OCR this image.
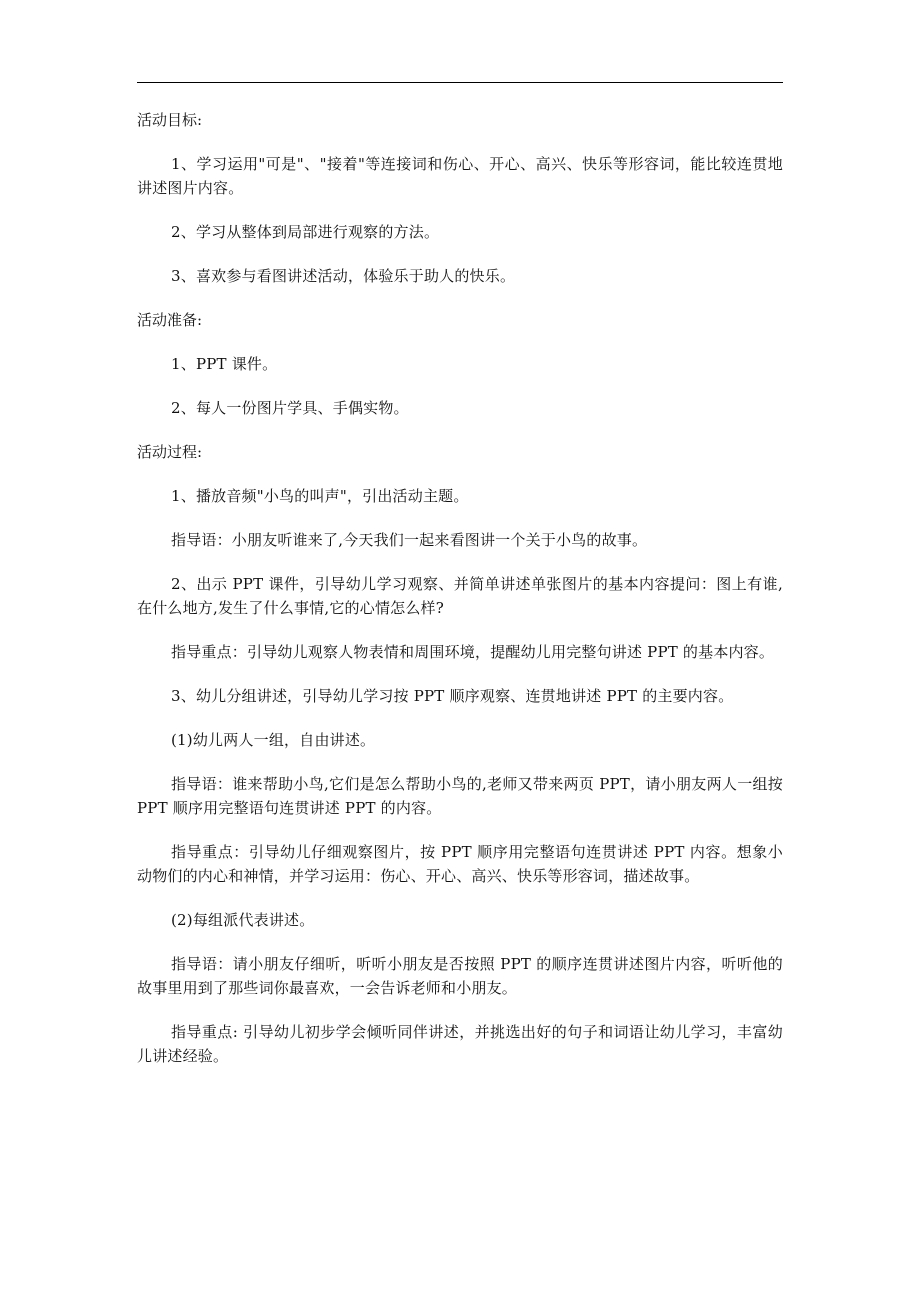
活动目标:
1、学习运用"可是"、"接着"等连接词和伤心、开心、高兴、快乐等形容词，能比较连贯地讲述图片内容。
2、学习从整体到局部进行观察的方法。
3、喜欢参与看图讲述活动，体验乐于助人的快乐。
活动准备:
1、PPT 课件。
2、每人一份图片学具、手偶实物。
活动过程:
1、播放音频"小鸟的叫声"，引出活动主题。
指导语：小朋友听谁来了,今天我们一起来看图讲一个关于小鸟的故事。
2、出示 PPT 课件，引导幼儿学习观察、并简单讲述单张图片的基本内容提问：图上有谁,在什么地方,发生了什么事情,它的心情怎么样?
指导重点：引导幼儿观察人物表情和周围环境，提醒幼儿用完整句讲述 PPT 的基本内容。
3、幼儿分组讲述，引导幼儿学习按 PPT 顺序观察、连贯地讲述 PPT 的主要内容。
(1)幼儿两人一组，自由讲述。
指导语：谁来帮助小鸟,它们是怎么帮助小鸟的,老师又带来两页 PPT，请小朋友两人一组按 PPT 顺序用完整语句连贯讲述 PPT 的内容。
指导重点：引导幼儿仔细观察图片，按 PPT 顺序用完整语句连贯讲述 PPT 内容。想象小动物们的内心和神情，并学习运用：伤心、开心、高兴、快乐等形容词，描述故事。
(2)每组派代表讲述。
指导语：请小朋友仔细听，听听小朋友是否按照 PPT 的顺序连贯讲述图片内容，听听他的故事里用到了那些词你最喜欢，一会告诉老师和小朋友。
指导重点: 引导幼儿初步学会倾听同伴讲述，并挑选出好的句子和词语让幼儿学习，丰富幼儿讲述经验。
